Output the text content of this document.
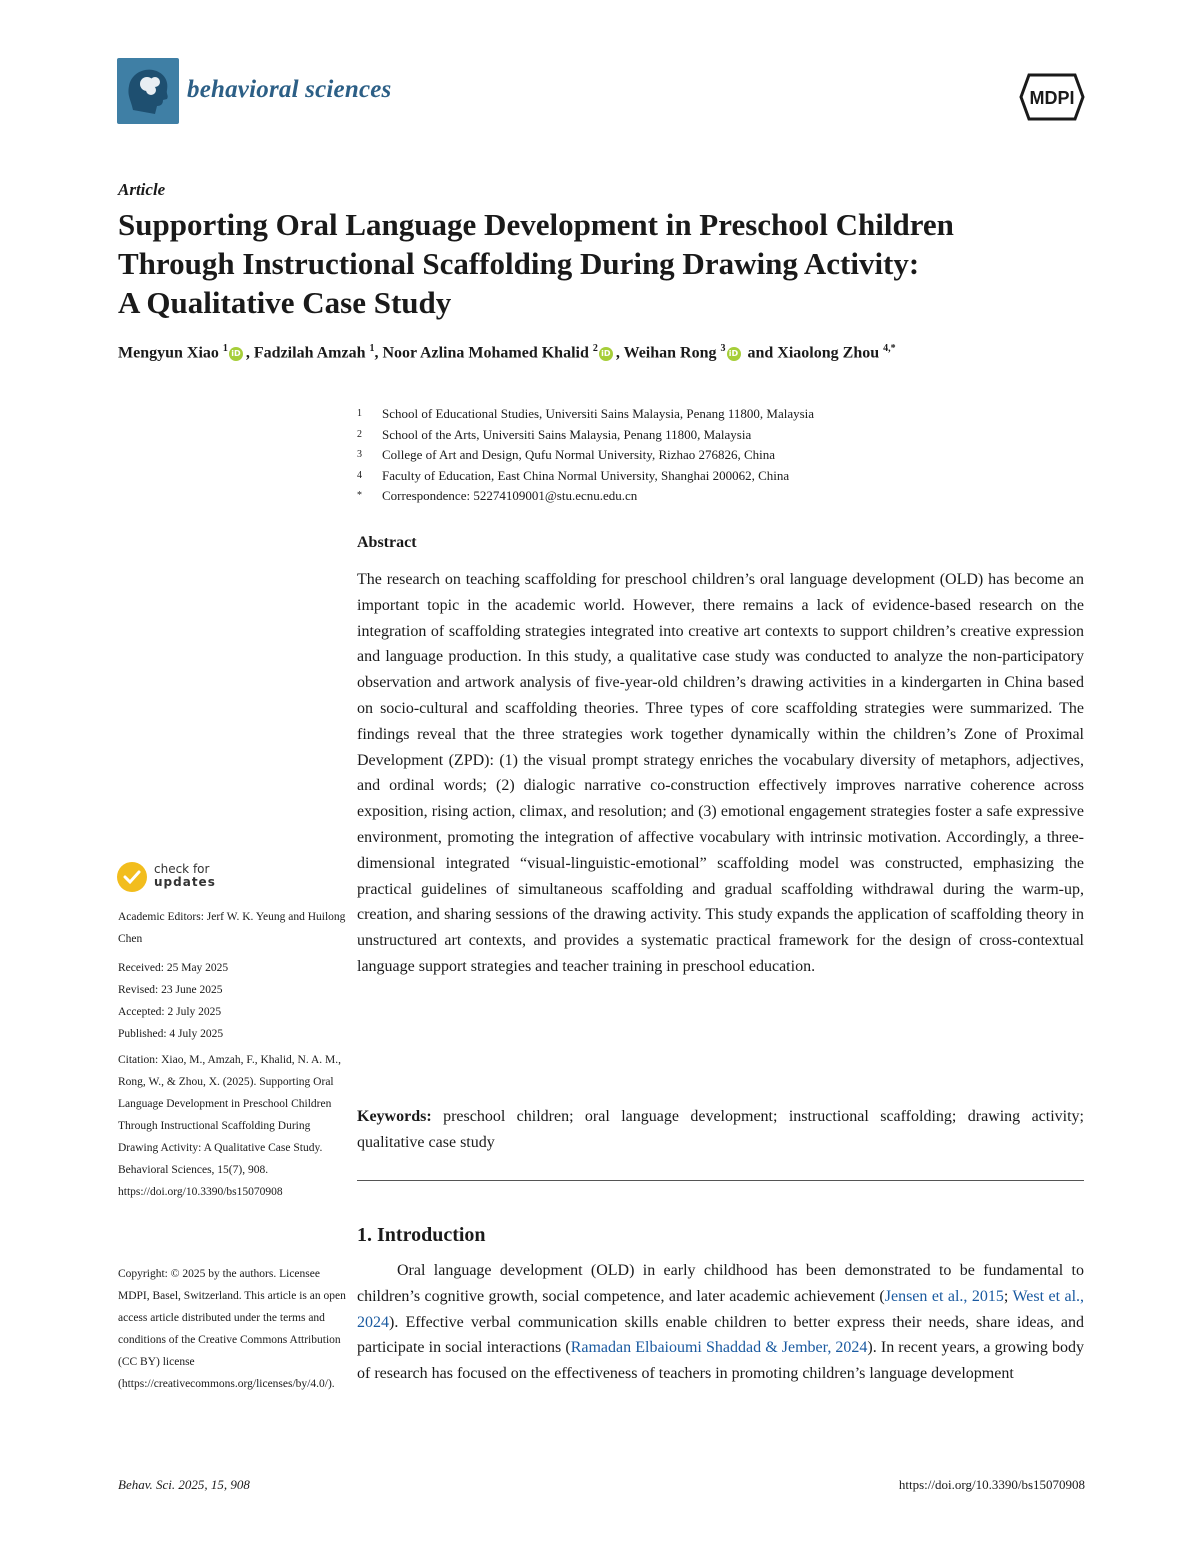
behavioral sciences	MDPI
Article
Supporting Oral Language Development in Preschool Children
Through Instructional Scaffolding During Drawing Activity:
A Qualitative Case Study
Mengyun Xiao $^1$ iD , Fadzilah Amzah $^1$, Noor Azlina Mohamed Khalid $^2$ iD , Weihan Rong $^3$ iD and Xiaolong Zhou $^{4,*}$
1	School of Educational Studies, Universiti Sains Malaysia, Penang 11800, Malaysia
2	School of the Arts, Universiti Sains Malaysia, Penang 11800, Malaysia
3	College of Art and Design, Qufu Normal University, Rizhao 276826, China
4	Faculty of Education, East China Normal University, Shanghai 200062, China
*	Correspondence: 52274109001@stu.ecnu.edu.cn
Abstract
The research on teaching scaffolding for preschool children’s oral language development (OLD) has become an important topic in the academic world. However, there remains a lack of evidence-based research on the integration of scaffolding strategies integrated into creative art contexts to support children’s creative expression and language production. In this study, a qualitative case study was conducted to analyze the non-participatory observation and artwork analysis of five-year-old children’s drawing activities in a kindergarten in China based on socio-cultural and scaffolding theories. Three types of core scaffolding strategies were summarized. The findings reveal that the three strategies work together dynamically within the children’s Zone of Proximal Development (ZPD): (1) the visual prompt strategy enriches the vocabulary diversity of metaphors, adjectives, and ordinal words; (2) dialogic narrative co-construction effectively improves narrative coherence across exposition, rising action, climax, and resolution; and (3) emotional engagement strategies foster a safe expressive environment, promoting the integration of affective vocabulary with intrinsic motivation. Accordingly, a three-dimensional integrated “visual-linguistic-emotional” scaffolding model was constructed, emphasizing the practical guidelines of simultaneous scaffolding and gradual scaffolding withdrawal during the warm-up, creation, and sharing sessions of the drawing activity. This study expands the application of scaffolding theory in unstructured art contexts, and provides a systematic practical framework for the design of cross-contextual language support strategies and teacher training in preschool education.
Keywords: preschool children; oral language development; instructional scaffolding; drawing activity; qualitative case study
1. Introduction
Oral language development (OLD) in early childhood has been demonstrated to be fundamental to children’s cognitive growth, social competence, and later academic achievement (Jensen et al., 2015; West et al., 2024). Effective verbal communication skills enable children to better express their needs, share ideas, and participate in social interactions (Ramadan Elbaioumi Shaddad & Jember, 2024). In recent years, a growing body of research has focused on the effectiveness of teachers in promoting children’s language development
check for
updates
Academic Editors: Jerf W. K. Yeung and Huilong Chen
Received: 25 May 2025
Revised: 23 June 2025
Accepted: 2 July 2025
Published: 4 July 2025
Citation: Xiao, M., Amzah, F., Khalid, N. A. M., Rong, W., & Zhou, X. (2025). Supporting Oral Language Development in Preschool Children Through Instructional Scaffolding During Drawing Activity: A Qualitative Case Study. Behavioral Sciences, 15(7), 908. https://doi.org/10.3390/bs15070908
Copyright: © 2025 by the authors. Licensee MDPI, Basel, Switzerland. This article is an open access article distributed under the terms and conditions of the Creative Commons Attribution (CC BY) license (https://creativecommons.org/licenses/by/4.0/).
Behav. Sci. 2025, 15, 908	https://doi.org/10.3390/bs15070908
